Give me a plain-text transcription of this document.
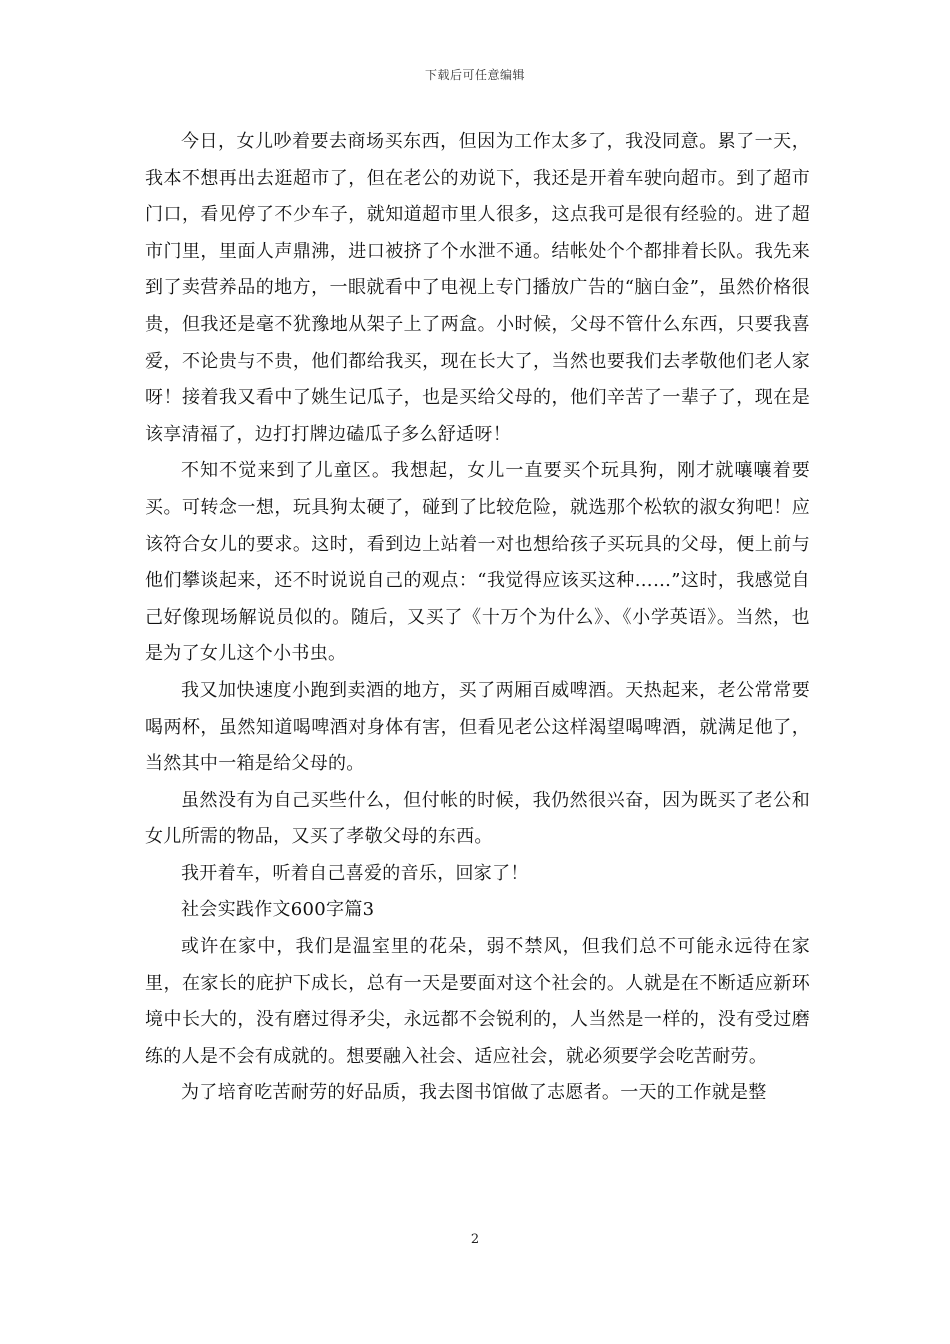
下载后可任意编辑

今日，女儿吵着要去商场买东西，但因为工作太多了，我没同意。累了一天，我本不想再出去逛超市了，但在老公的劝说下，我还是开着车驶向超市。到了超市门口，看见停了不少车子，就知道超市里人很多，这点我可是很有经验的。进了超市门里，里面人声鼎沸，进口被挤了个水泄不通。结帐处个个都排着长队。我先来到了卖营养品的地方，一眼就看中了电视上专门播放广告的“脑白金”，虽然价格很贵，但我还是毫不犹豫地从架子上了两盒。小时候，父母不管什么东西，只要我喜爱，不论贵与不贵，他们都给我买，现在长大了，当然也要我们去孝敬他们老人家呀！接着我又看中了姚生记瓜子，也是买给父母的，他们辛苦了一辈子了，现在是该享清福了，边打打牌边磕瓜子多么舒适呀！

不知不觉来到了儿童区。我想起，女儿一直要买个玩具狗，刚才就嚷嚷着要买。可转念一想，玩具狗太硬了，碰到了比较危险，就选那个松软的淑女狗吧！应该符合女儿的要求。这时，看到边上站着一对也想给孩子买玩具的父母，便上前与他们攀谈起来，还不时说说自己的观点：“我觉得应该买这种……”这时，我感觉自己好像现场解说员似的。随后，又买了《十万个为什么》、《小学英语》。当然，也是为了女儿这个小书虫。

我又加快速度小跑到卖酒的地方，买了两厢百威啤酒。天热起来，老公常常要喝两杯，虽然知道喝啤酒对身体有害，但看见老公这样渴望喝啤酒，就满足他了，当然其中一箱是给父母的。

虽然没有为自己买些什么，但付帐的时候，我仍然很兴奋，因为既买了老公和女儿所需的物品，又买了孝敬父母的东西。

我开着车，听着自己喜爱的音乐，回家了！

社会实践作文600字篇3

或许在家中，我们是温室里的花朵，弱不禁风，但我们总不可能永远待在家里，在家长的庇护下成长，总有一天是要面对这个社会的。人就是在不断适应新环境中长大的，没有磨过得矛尖，永远都不会锐利的，人当然是一样的，没有受过磨练的人是不会有成就的。想要融入社会、适应社会，就必须要学会吃苦耐劳。

为了培育吃苦耐劳的好品质，我去图书馆做了志愿者。一天的工作就是整

2
